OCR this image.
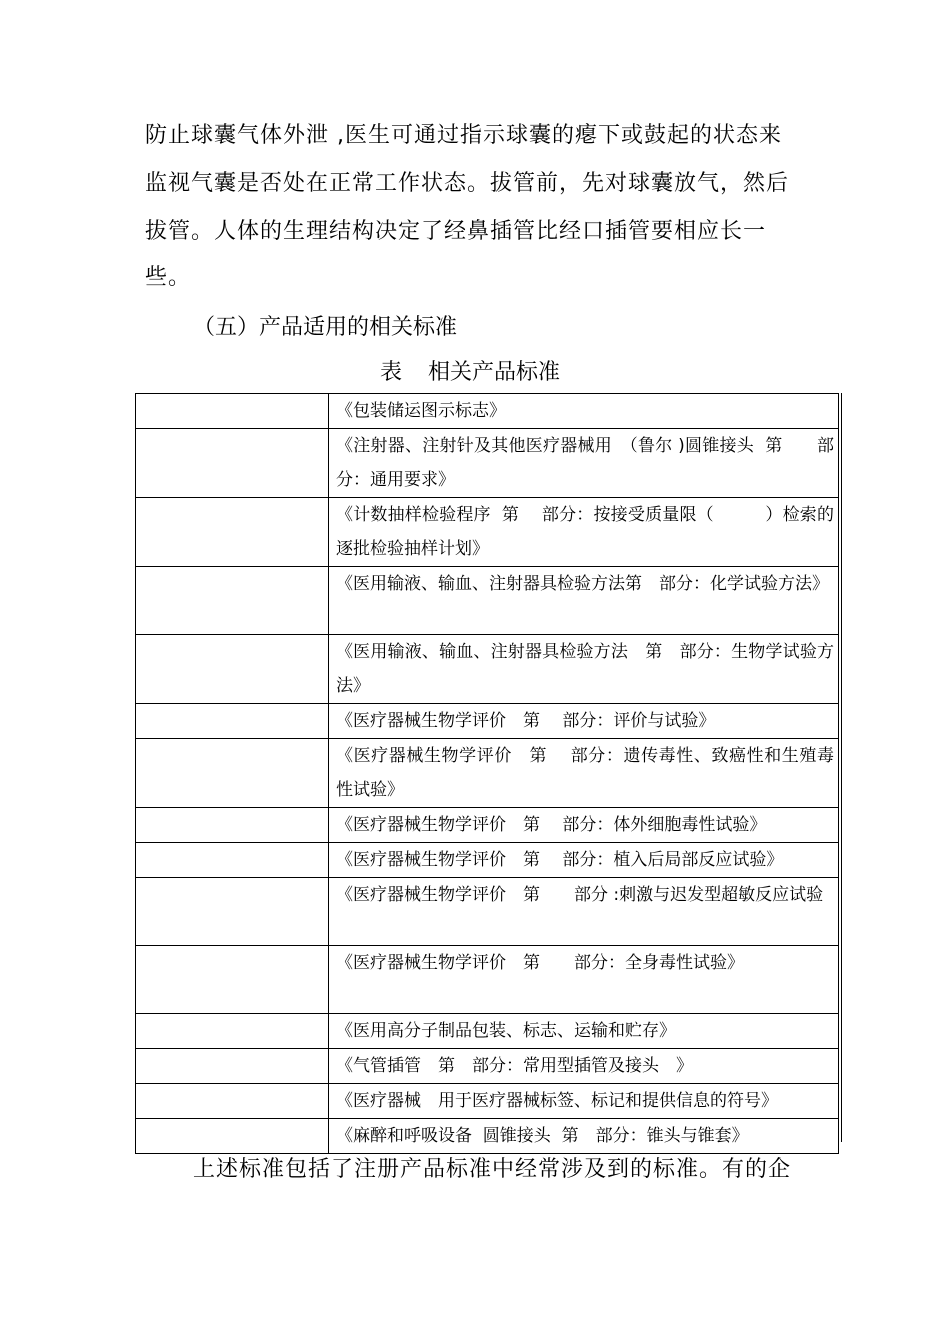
防止球囊气体外泄 ,医生可通过指示球囊的瘪下或鼓起的状态来
监视气囊是否处在正常工作状态。拔管前，先对球囊放气，然后
拔管。人体的生理结构决定了经鼻插管比经口插管要相应长一
些。
（五）产品适用的相关标准
表 相关产品标准

	《包装储运图示标志》

	《注射器、注射针及其他医疗器械用　（鲁尔 )圆锥接头  第　　部分：通用要求》

	《计数抽样检验程序  第　 部分：按接受质量限（　　　）检索的逐批检验抽样计划》

	《医用输液、输血、注射器具检验方法第　部分：化学试验方法》

	《医用输液、输血、注射器具检验方法　第　部分：生物学试验方法》

	《医疗器械生物学评价　第　 部分：评价与试验》

	《医疗器械生物学评价　第　 部分：遗传毒性、致癌性和生殖毒性试验》

	《医疗器械生物学评价　第　 部分：体外细胞毒性试验》

	《医疗器械生物学评价　第　 部分：植入后局部反应试验》

	《医疗器械生物学评价　第　　部分 :刺激与迟发型超敏反应试验

	《医疗器械生物学评价　第　　部分：全身毒性试验》

	《医用高分子制品包装、标志、运输和贮存》

	《气管插管　第　部分：常用型插管及接头　》

	《医疗器械　用于医疗器械标签、标记和提供信息的符号》

	《麻醉和呼吸设备  圆锥接头  第　部分：锥头与锥套》
上述标准包括了注册产品标准中经常涉及到的标准。有的企
